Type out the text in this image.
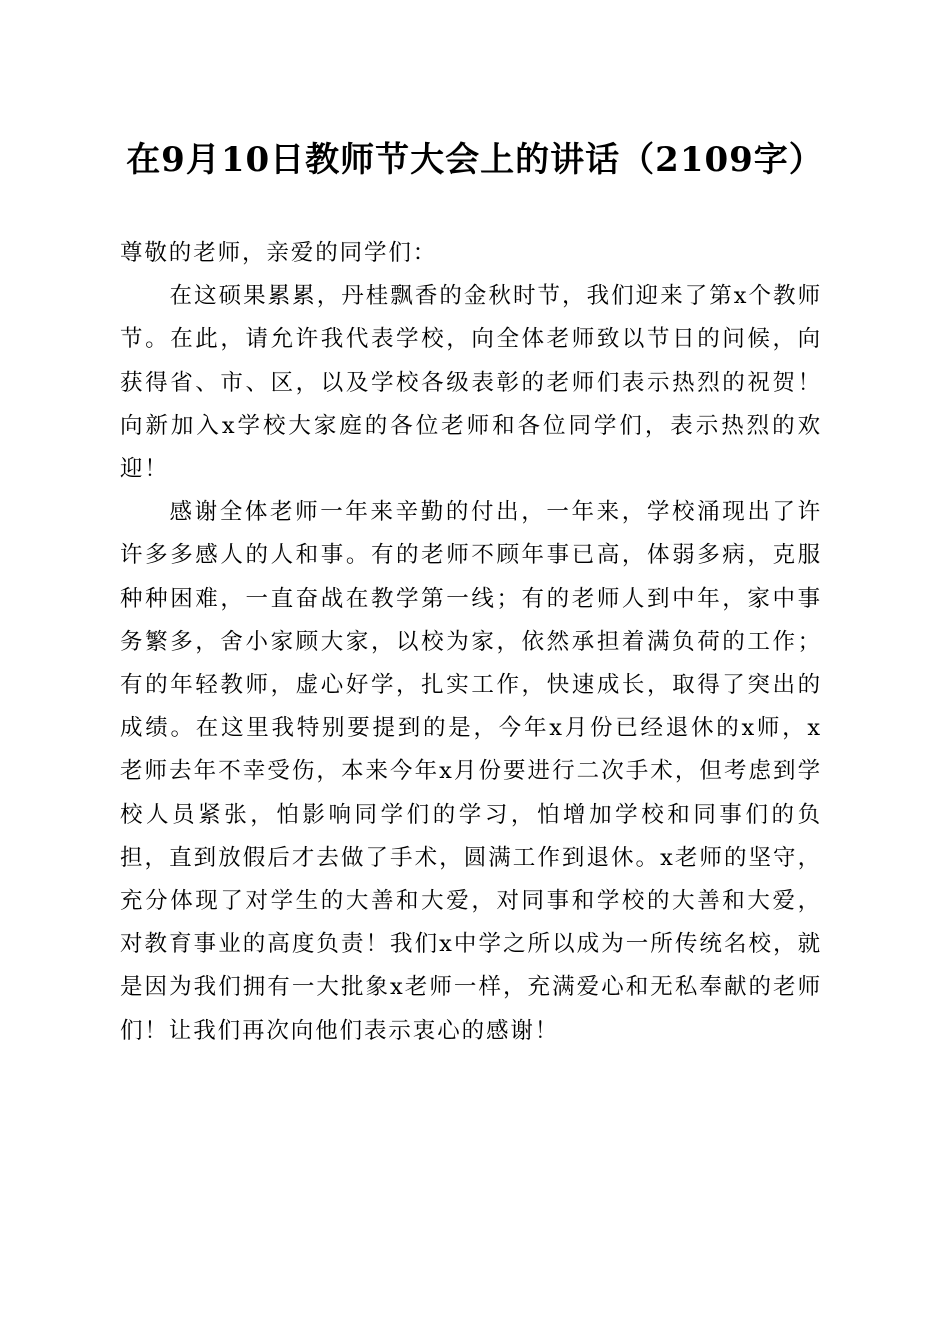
在9月10日教师节大会上的讲话（2109字）

尊敬的老师，亲爱的同学们：

在这硕果累累，丹桂飘香的金秋时节，我们迎来了第x个教师节。在此，请允许我代表学校，向全体老师致以节日的问候，向获得省、市、区，以及学校各级表彰的老师们表示热烈的祝贺！向新加入x学校大家庭的各位老师和各位同学们，表示热烈的欢迎！

感谢全体老师一年来辛勤的付出，一年来，学校涌现出了许许多多感人的人和事。有的老师不顾年事已高，体弱多病，克服种种困难，一直奋战在教学第一线；有的老师人到中年，家中事务繁多，舍小家顾大家，以校为家，依然承担着满负荷的工作；有的年轻教师，虚心好学，扎实工作，快速成长，取得了突出的成绩。在这里我特别要提到的是，今年x月份已经退休的x师，x老师去年不幸受伤，本来今年x月份要进行二次手术，但考虑到学校人员紧张，怕影响同学们的学习，怕增加学校和同事们的负担，直到放假后才去做了手术，圆满工作到退休。x老师的坚守，充分体现了对学生的大善和大爱，对同事和学校的大善和大爱，对教育事业的高度负责！我们x中学之所以成为一所传统名校，就是因为我们拥有一大批象x老师一样，充满爱心和无私奉献的老师们！让我们再次向他们表示衷心的感谢！
